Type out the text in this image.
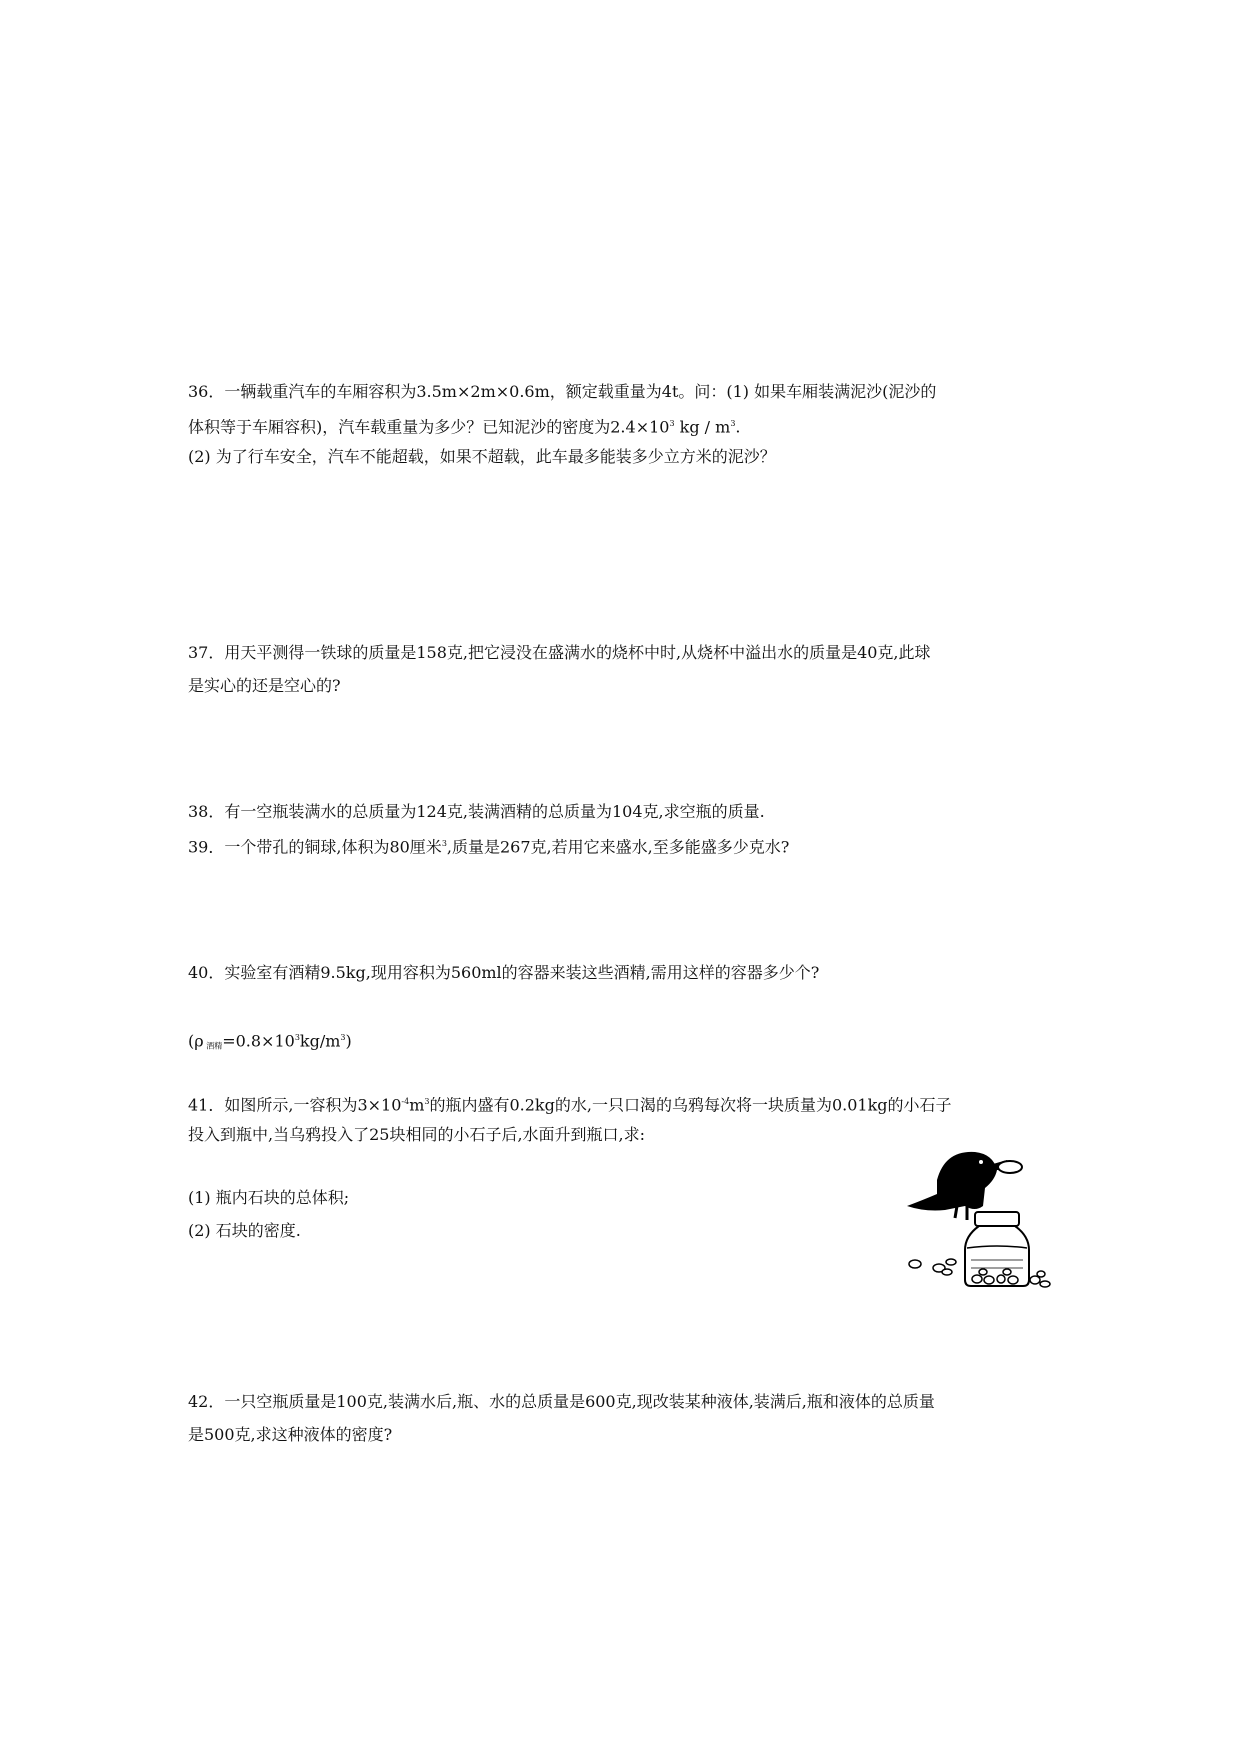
36．一辆载重汽车的车厢容积为3.5m×2m×0.6m，额定载重量为4t。问：(1) 如果车厢装满泥沙(泥沙的
体积等于车厢容积)，汽车载重量为多少？已知泥沙的密度为$2.4\times 10^3$ kg / $m^3$.
(2) 为了行车安全，汽车不能超载，如果不超载，此车最多能装多少立方米的泥沙？
37．用天平测得一铁球的质量是158克,把它浸没在盛满水的烧杯中时,从烧杯中溢出水的质量是40克,此球
是实心的还是空心的?
38．有一空瓶装满水的总质量为124克,装满酒精的总质量为104克,求空瓶的质量.
39．一个带孔的铜球,体积为80厘米$^3$,质量是267克,若用它来盛水,至多能盛多少克水?
40．实验室有酒精9.5kg,现用容积为560ml的容器来装这些酒精,需用这样的容器多少个?
(ρ 酒精$=0.8\times 10^3kg/m^3$)
41．如图所示,一容积为$3\times 10^{-4}m^3$的瓶内盛有0.2kg的水,一只口渴的乌鸦每次将一块质量为0.01kg的小石子
投入到瓶中,当乌鸦投入了25块相同的小石子后,水面升到瓶口,求:
(1) 瓶内石块的总体积;
(2) 石块的密度.
42．一只空瓶质量是100克,装满水后,瓶、水的总质量是600克,现改装某种液体,装满后,瓶和液体的总质量
是500克,求这种液体的密度?
